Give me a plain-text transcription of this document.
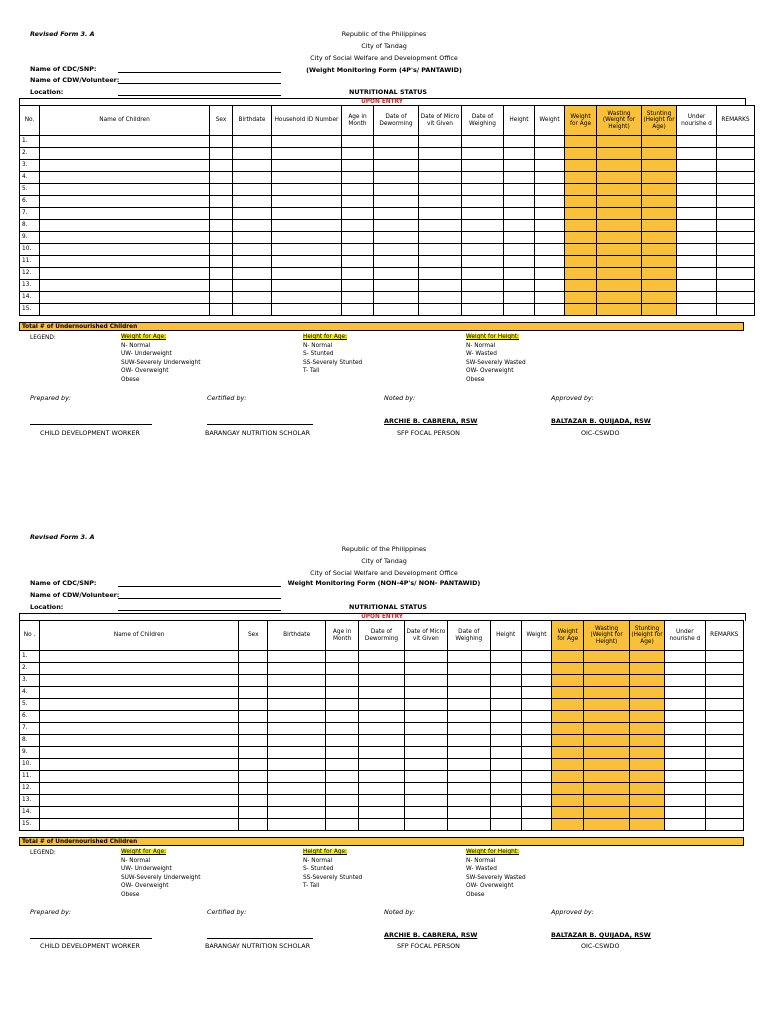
Revised Form 3. A	Republic of the Philippines
City of Tandag
City of Social Welfare and Development Office
(Weight Monitoring Form (4P's/ PANTAWID)
Name of CDC/SNP:
Name of CDW/Volunteer:
Location:	NUTRITIONAL STATUS
UPON ENTRY
No.	Name of Children	Sex	Birthdate	Household ID Number	Age in Month	Date of Deworming	Date of Micro vit Given	Date of Weighing	Height	Weight	Weight for Age	Wasting (Weight for Height)	Stunting (Height for Age)	Under nourishe d	REMARKS
1.															
2.															
3.															
4.															
5.															
6.															
7.															
8.															
9.															
10.															
11.															
12.															
13.															
14.															
15.															
Total # of Undernourished Children
LEGEND:	Weight for Age:
N- Normal
UW- Underweight
SUW-Severely Underweight
OW- Overweight
Obese
Height for Age:
N- Normal
S- Stunted
SS-Severely Stunted
T- Tall
Weight for Height:
N- Normal
W- Wasted
SW-Severely Wasted
OW- Overweight
Obese
Prepared by:	Certified by:	Noted by:	Approved by:
ARCHIE B. CABRERA, RSW	BALTAZAR B. QUIJADA, RSW
CHILD DEVELOPMENT WORKER	BARANGAY NUTRITION SCHOLAR	SFP FOCAL PERSON	OIC-CSWDO
Revised Form 3. A
Republic of the Philippines
City of Tandag
City of Social Welfare and Development Office
Weight Monitoring Form (NON-4P's/ NON- PANTAWID)
Name of CDC/SNP:
Name of CDW/Volunteer:
Location:	NUTRITIONAL STATUS
UPON ENTRY
No .	Name of Children	Sex	Birthdate	Age in Month	Date of Deworming	Date of Micro vit Given	Date of Weighing	Height	Weight	Weight for Age	Wasting (Weight for Height)	Stunting (Height for Age)	Under nourishe d	REMARKS
1.														
2.														
3.														
4.														
5.														
6.														
7.														
8.														
9.														
10.														
11.														
12.														
13.														
14.														
15.														
Total # of Undernourished Children
LEGEND:	Weight for Age:
N- Normal
UW- Underweight
SUW-Severely Underweight
OW- Overweight
Obese
Height for Age:
N- Normal
S- Stunted
SS-Severely Stunted
T- Tall
Weight for Height:
N- Normal
W- Wasted
SW-Severely Wasted
OW- Overweight
Obese
Prepared by:	Certified by:	Noted by:	Approved by:
ARCHIE B. CABRERA, RSW	BALTAZAR B. QUIJADA, RSW
CHILD DEVELOPMENT WORKER	BARANGAY NUTRITION SCHOLAR	SFP FOCAL PERSON	OIC-CSWDO
